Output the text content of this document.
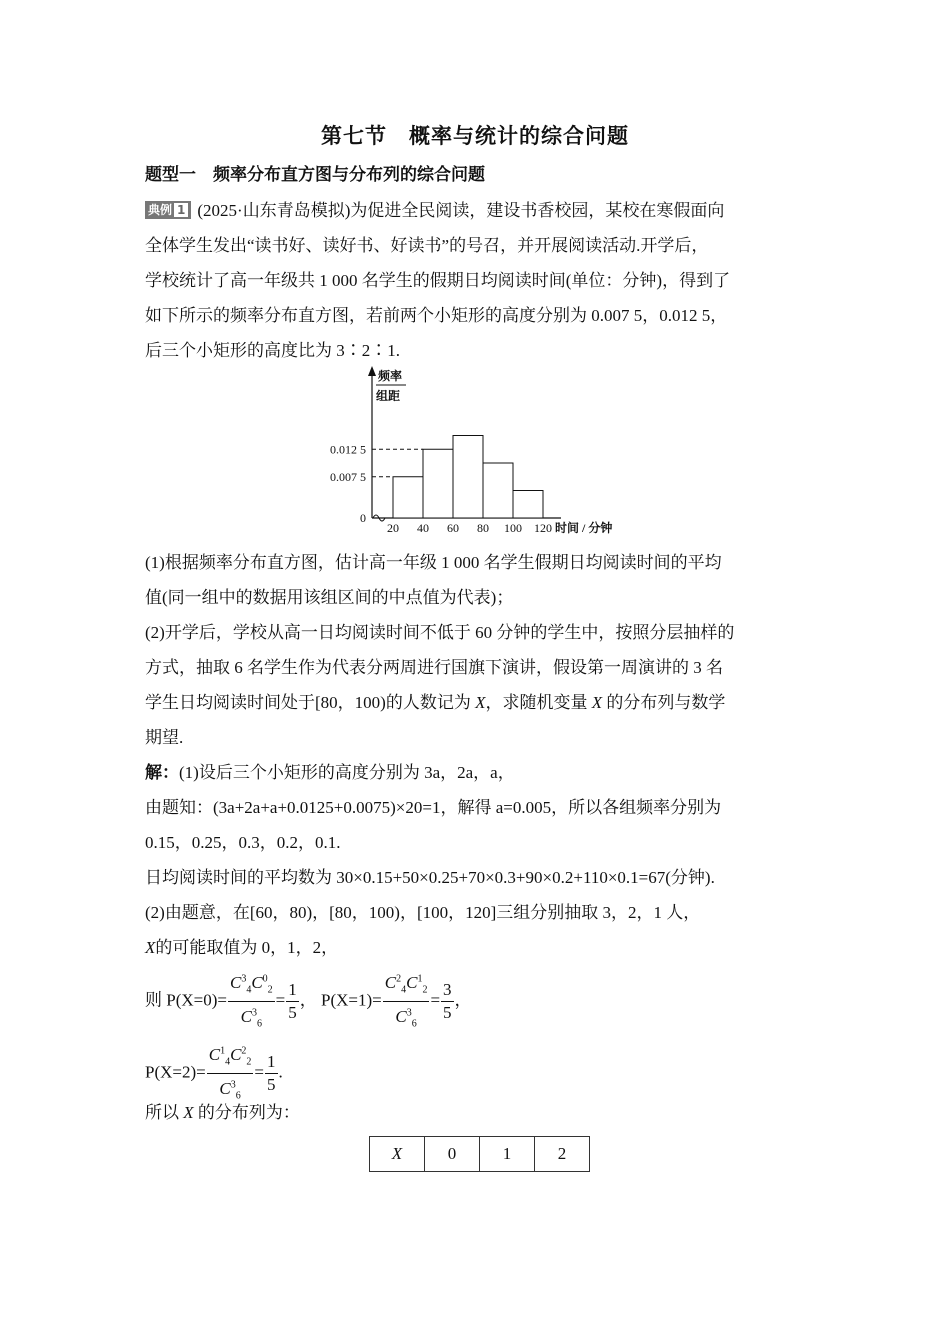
第七节　概率与统计的综合问题
题型一　频率分布直方图与分布列的综合问题
典例 1 (2025·山东青岛模拟)为促进全民阅读，建设书香校园，某校在寒假面向
全体学生发出“读书好、读好书、好读书”的号召，并开展阅读活动.开学后，
学校统计了高一年级共 1 000 名学生的假期日均阅读时间(单位：分钟)，得到了
如下所示的频率分布直方图，若前两个小矩形的高度分别为 0.007 5，0.012 5，
后三个小矩形的高度比为 3∶2∶1.
频率
组距
0.012 5
0.007 5
0
20 40 60 80 100 120 时间 / 分钟
(1)根据频率分布直方图，估计高一年级 1 000 名学生假期日均阅读时间的平均
值(同一组中的数据用该组区间的中点值为代表)；
(2)开学后，学校从高一日均阅读时间不低于 60 分钟的学生中，按照分层抽样的
方式，抽取 6 名学生作为代表分两周进行国旗下演讲，假设第一周演讲的 3 名
学生日均阅读时间处于[80，100)的人数记为 X，求随机变量 X 的分布列与数学
期望.
解：(1)设后三个小矩形的高度分别为 3a，2a，a，
由题知：(3a+2a+a+0.0125+0.0075)×20=1，解得 a=0.005，所以各组频率分别为
0.15，0.25，0.3，0.2，0.1.
日均阅读时间的平均数为 30×0.15+50×0.25+70×0.3+90×0.2+110×0.1=67(分钟).
(2)由题意，在[60，80)，[80，100)，[100，120]三组分别抽取 3，2，1 人，
X的可能取值为 0，1，2，
则 $P(X=0)= \frac{C^3_4C^0_2}{C^3_6} = \frac{1}{5}$ ， $P(X=1)= \frac{C^2_4C^1_2}{C^3_6} = \frac{3}{5}$ ，
$P(X=2)= \frac{C^1_4C^2_2}{C^3_6} = \frac{1}{5}$ .
所以 X 的分布列为：
X	0	1	2
